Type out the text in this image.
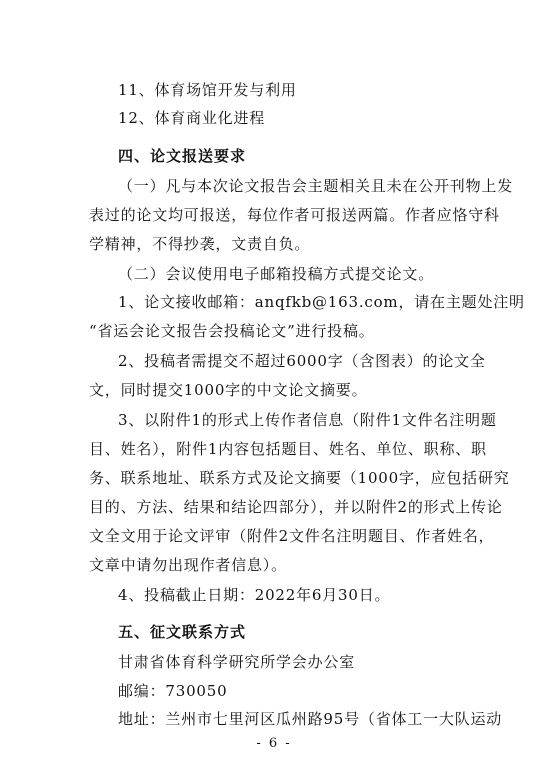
11、体育场馆开发与利用
12、体育商业化进程
四、论文报送要求
（一）凡与本次论文报告会主题相关且未在公开刊物上发
表过的论文均可报送，每位作者可报送两篇。作者应恪守科
学精神，不得抄袭，文责自负。
（二）会议使用电子邮箱投稿方式提交论文。
1、论文接收邮箱：anqfkb@163.com，请在主题处注明
“省运会论文报告会投稿论文”进行投稿。
2、投稿者需提交不超过6000字（含图表）的论文全
文，同时提交1000字的中文论文摘要。
3、以附件1的形式上传作者信息（附件1文件名注明题
目、姓名），附件1内容包括题目、姓名、单位、职称、职
务、联系地址、联系方式及论文摘要（1000字，应包括研究
目的、方法、结果和结论四部分），并以附件2的形式上传论
文全文用于论文评审（附件2文件名注明题目、作者姓名，
文章中请勿出现作者信息）。
4、投稿截止日期：2022年6月30日。
五、征文联系方式
甘肃省体育科学研究所学会办公室
邮编：730050
地址：兰州市七里河区瓜州路95号（省体工一大队运动
- 6 -
